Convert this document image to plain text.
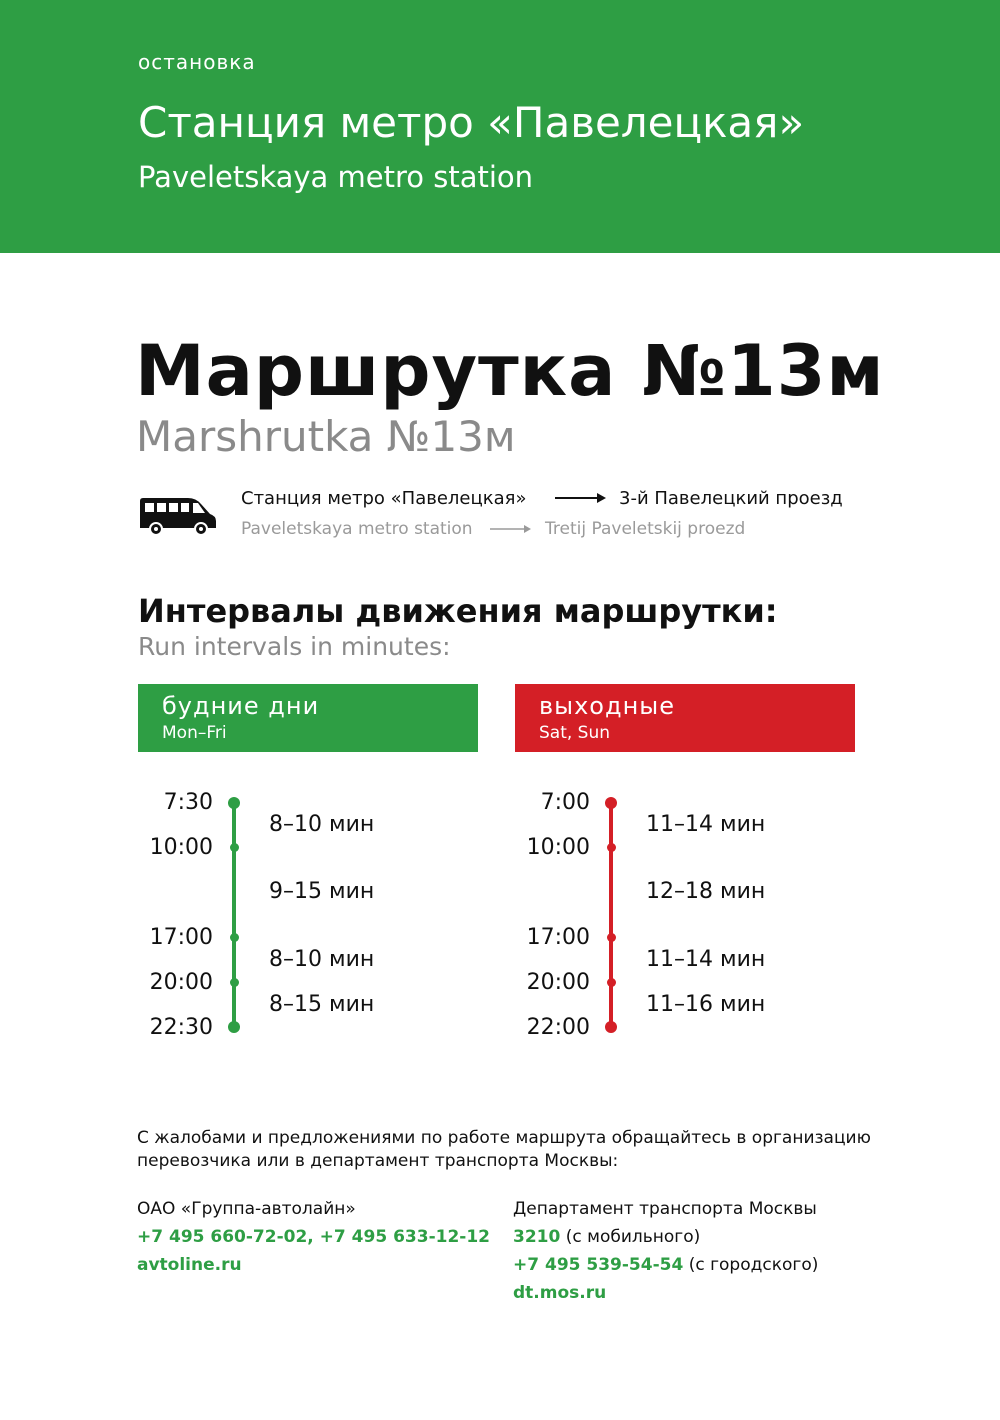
остановка
Станция метро «Павелецкая»
Paveletskaya metro station
Маршрутка №13м
Marshrutka №13м
Станция метро «Павелецкая»	3-й Павелецкий проезд
Paveletskaya metro station	Tretij Paveletskij proezd
Интервалы движения маршрутки:
Run intervals in minutes:
будние дни
Mon–Fri
выходные
Sat, Sun
7:30
10:00
17:00
20:00
22:30
8–10 мин
9–15 мин
8–10 мин
8–15 мин
7:00
10:00
17:00
20:00
22:00
11–14 мин
12–18 мин
11–14 мин
11–16 мин
С жалобами и предложениями по работе маршрута обращайтесь в организацию перевозчика или в департамент транспорта Москвы:
ОАО «Группа-автолайн»
+7 495 660-72-02, +7 495 633-12-12
avtoline.ru
Департамент транспорта Москвы
3210 (с мобильного)
+7 495 539-54-54 (с городского)
dt.mos.ru
